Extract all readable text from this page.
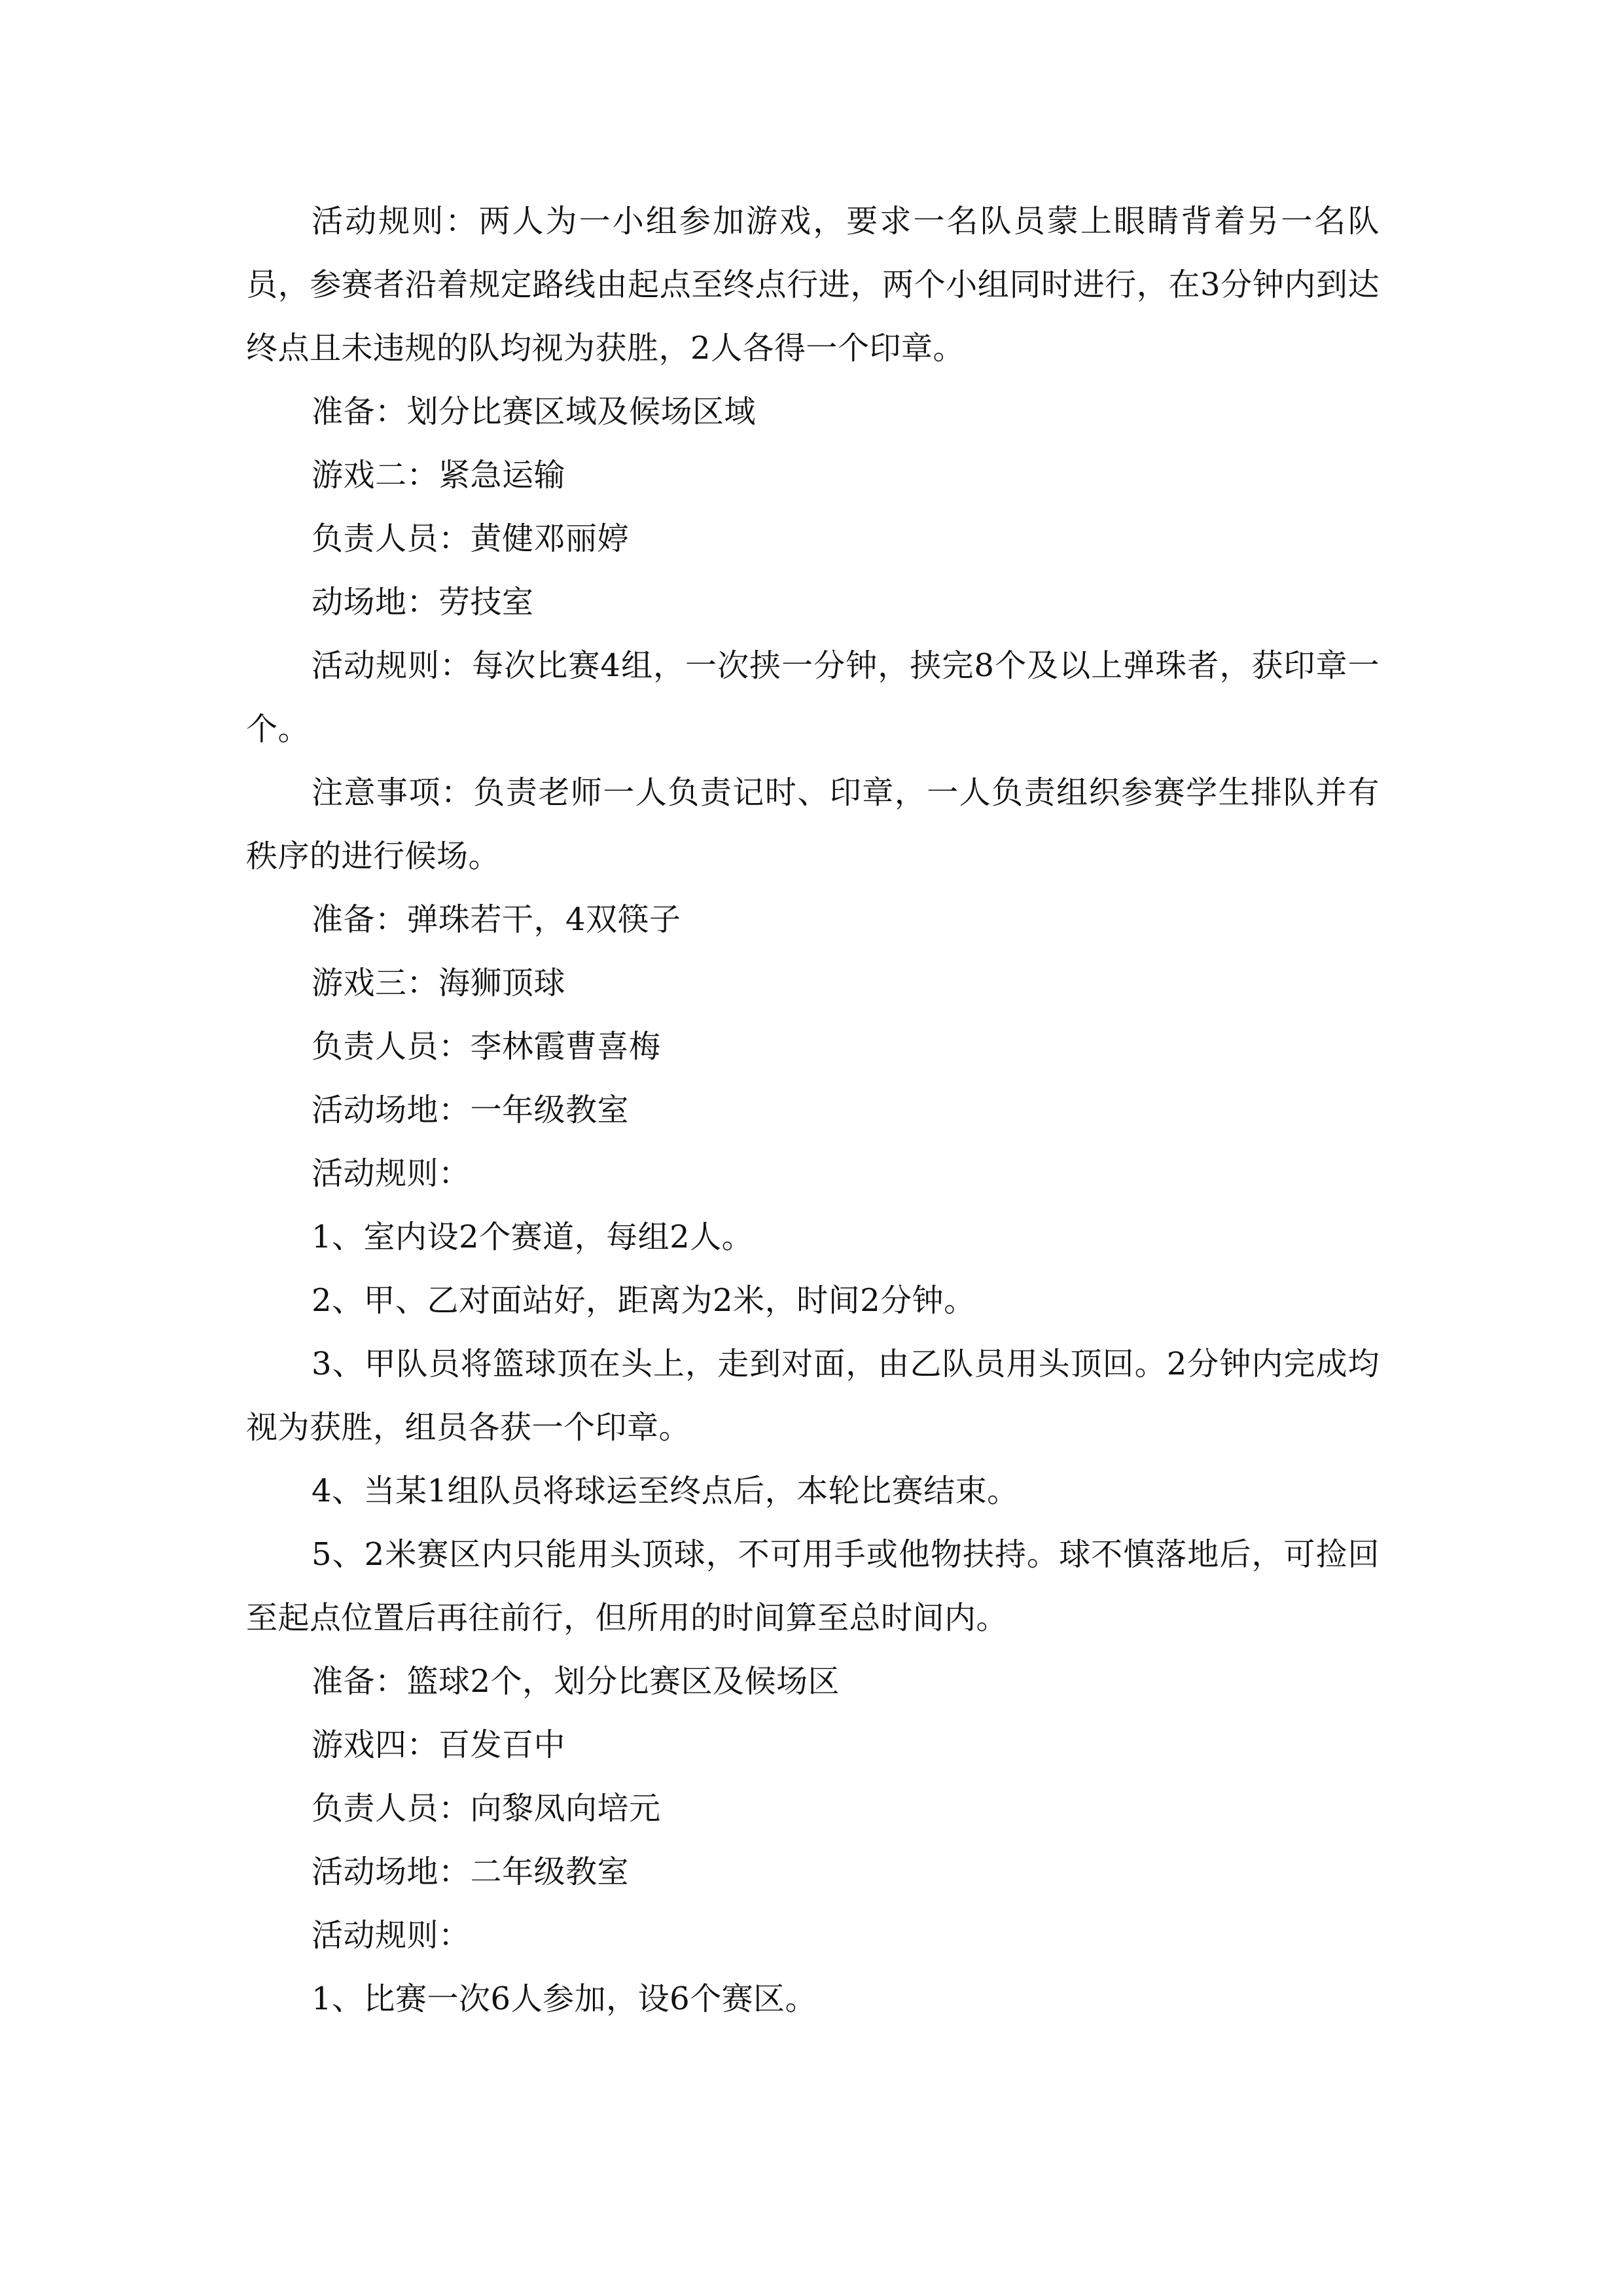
活动规则：两人为一小组参加游戏，要求一名队员蒙上眼睛背着另一名队员，参赛者沿着规定路线由起点至终点行进，两个小组同时进行，在3分钟内到达终点且未违规的队均视为获胜，2人各得一个印章。

准备：划分比赛区域及候场区域

游戏二：紧急运输

负责人员：黄健邓丽婷

动场地：劳技室

活动规则：每次比赛4组，一次挟一分钟，挟完8个及以上弹珠者，获印章一个。

注意事项：负责老师一人负责记时、印章，一人负责组织参赛学生排队并有秩序的进行候场。

准备：弹珠若干，4双筷子

游戏三：海狮顶球

负责人员：李林霞曹喜梅

活动场地：一年级教室

活动规则：

1、室内设2个赛道，每组2人。

2、甲、乙对面站好，距离为2米，时间2分钟。

3、甲队员将篮球顶在头上，走到对面，由乙队员用头顶回。2分钟内完成均视为获胜，组员各获一个印章。

4、当某1组队员将球运至终点后，本轮比赛结束。

5、2米赛区内只能用头顶球，不可用手或他物扶持。球不慎落地后，可捡回至起点位置后再往前行，但所用的时间算至总时间内。

准备：篮球2个，划分比赛区及候场区

游戏四：百发百中

负责人员：向黎凤向培元

活动场地：二年级教室

活动规则：

1、比赛一次6人参加，设6个赛区。
